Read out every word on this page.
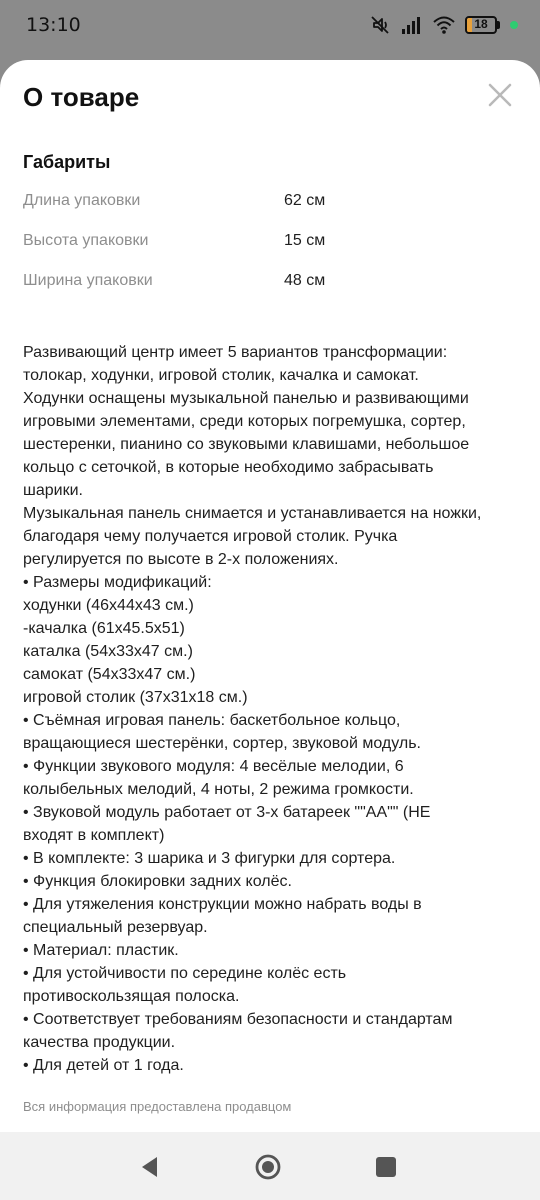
13:10	18
О товаре
Габариты
Длина упаковки	62 см
Высота упаковки	15 см
Ширина упаковки	48 см
Развивающий центр имеет 5 вариантов трансформации:
толокар, ходунки, игровой столик, качалка и самокат.
Ходунки оснащены музыкальной панелью и развивающими
игровыми элементами, среди которых погремушка, сортер,
шестеренки, пианино со звуковыми клавишами, небольшое
кольцо с сеточкой, в которые необходимо забрасывать
шарики.
Музыкальная панель снимается и устанавливается на ножки,
благодаря чему получается игровой столик. Ручка
регулируется по высоте в 2-х положениях.
• Размеры модификаций:
ходунки (46х44х43 см.)
-качалка (61х45.5х51)
каталка (54х33х47 см.)
самокат (54х33х47 см.)
игровой столик (37х31х18 см.)
• Съёмная игровая панель: баскетбольное кольцо,
вращающиеся шестерёнки, сортер, звуковой модуль.
• Функции звукового модуля: 4 весёлые мелодии, 6
колыбельных мелодий, 4 ноты, 2 режима громкости.
• Звуковой модуль работает от 3-х батареек ""АА"" (НЕ
входят в комплект)
• В комплекте: 3 шарика и 3 фигурки для сортера.
• Функция блокировки задних колёс.
• Для утяжеления конструкции можно набрать воды в
специальный резервуар.
• Материал: пластик.
• Для устойчивости по середине колёс есть
противоскользящая полоска.
• Соответствует требованиям безопасности и стандартам
качества продукции.
• Для детей от 1 года.
Вся информация предоставлена продавцом
